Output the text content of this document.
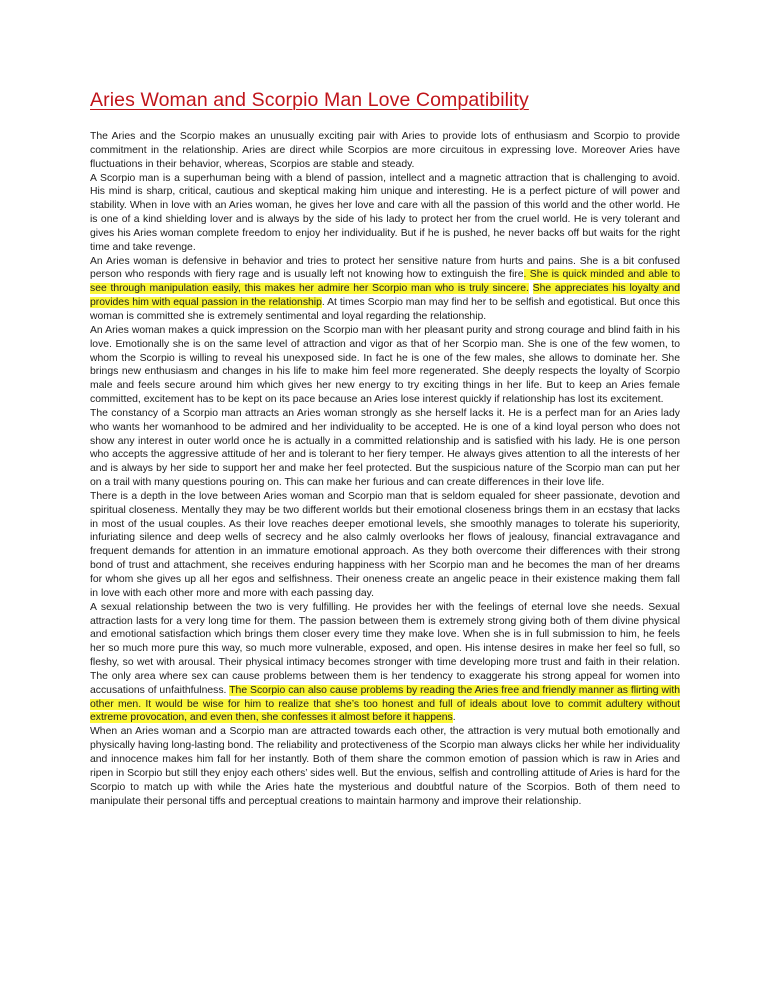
Aries Woman and Scorpio Man Love Compatibility

The Aries and the Scorpio makes an unusually exciting pair with Aries to provide lots of enthusiasm and Scorpio to provide commitment in the relationship. Aries are direct while Scorpios are more circuitous in expressing love. Moreover Aries have fluctuations in their behavior, whereas, Scorpios are stable and steady.

A Scorpio man is a superhuman being with a blend of passion, intellect and a magnetic attraction that is challenging to avoid. His mind is sharp, critical, cautious and skeptical making him unique and interesting. He is a perfect picture of will power and stability. When in love with an Aries woman, he gives her love and care with all the passion of this world and the other world. He is one of a kind shielding lover and is always by the side of his lady to protect her from the cruel world. He is very tolerant and gives his Aries woman complete freedom to enjoy her individuality. But if he is pushed, he never backs off but waits for the right time and take revenge.

An Aries woman is defensive in behavior and tries to protect her sensitive nature from hurts and pains. She is a bit confused person who responds with fiery rage and is usually left not knowing how to extinguish the fire. She is quick minded and able to see through manipulation easily, this makes her admire her Scorpio man who is truly sincere. She appreciates his loyalty and provides him with equal passion in the relationship. At times Scorpio man may find her to be selfish and egotistical. But once this woman is committed she is extremely sentimental and loyal regarding the relationship.

An Aries woman makes a quick impression on the Scorpio man with her pleasant purity and strong courage and blind faith in his love. Emotionally she is on the same level of attraction and vigor as that of her Scorpio man. She is one of the few women, to whom the Scorpio is willing to reveal his unexposed side. In fact he is one of the few males, she allows to dominate her. She brings new enthusiasm and changes in his life to make him feel more regenerated. She deeply respects the loyalty of Scorpio male and feels secure around him which gives her new energy to try exciting things in her life. But to keep an Aries female committed, excitement has to be kept on its pace because an Aries lose interest quickly if relationship has lost its excitement.

The constancy of a Scorpio man attracts an Aries woman strongly as she herself lacks it. He is a perfect man for an Aries lady who wants her womanhood to be admired and her individuality to be accepted. He is one of a kind loyal person who does not show any interest in outer world once he is actually in a committed relationship and is satisfied with his lady. He is one person who accepts the aggressive attitude of her and is tolerant to her fiery temper. He always gives attention to all the interests of her and is always by her side to support her and make her feel protected. But the suspicious nature of the Scorpio man can put her on a trail with many questions pouring on. This can make her furious and can create differences in their love life.

There is a depth in the love between Aries woman and Scorpio man that is seldom equaled for sheer passionate, devotion and spiritual closeness. Mentally they may be two different worlds but their emotional closeness brings them in an ecstasy that lacks in most of the usual couples. As their love reaches deeper emotional levels, she smoothly manages to tolerate his superiority, infuriating silence and deep wells of secrecy and he also calmly overlooks her flows of jealousy, financial extravagance and frequent demands for attention in an immature emotional approach. As they both overcome their differences with their strong bond of trust and attachment, she receives enduring happiness with her Scorpio man and he becomes the man of her dreams for whom she gives up all her egos and selfishness. Their oneness create an angelic peace in their existence making them fall in love with each other more and more with each passing day.

A sexual relationship between the two is very fulfilling. He provides her with the feelings of eternal love she needs. Sexual attraction lasts for a very long time for them. The passion between them is extremely strong giving both of them divine physical and emotional satisfaction which brings them closer every time they make love. When she is in full submission to him, he feels her so much more pure this way, so much more vulnerable, exposed, and open. His intense desires in make her feel so full, so fleshy, so wet with arousal. Their physical intimacy becomes stronger with time developing more trust and faith in their relation. The only area where sex can cause problems between them is her tendency to exaggerate his strong appeal for women into accusations of unfaithfulness. The Scorpio can also cause problems by reading the Aries free and friendly manner as flirting with other men. It would be wise for him to realize that she’s too honest and full of ideals about love to commit adultery without extreme provocation, and even then, she confesses it almost before it happens.

When an Aries woman and a Scorpio man are attracted towards each other, the attraction is very mutual both emotionally and physically having long-lasting bond. The reliability and protectiveness of the Scorpio man always clicks her while her individuality and innocence makes him fall for her instantly. Both of them share the common emotion of passion which is raw in Aries and ripen in Scorpio but still they enjoy each others’ sides well. But the envious, selfish and controlling attitude of Aries is hard for the Scorpio to match up with while the Aries hate the mysterious and doubtful nature of the Scorpios. Both of them need to manipulate their personal tiffs and perceptual creations to maintain harmony and improve their relationship.
